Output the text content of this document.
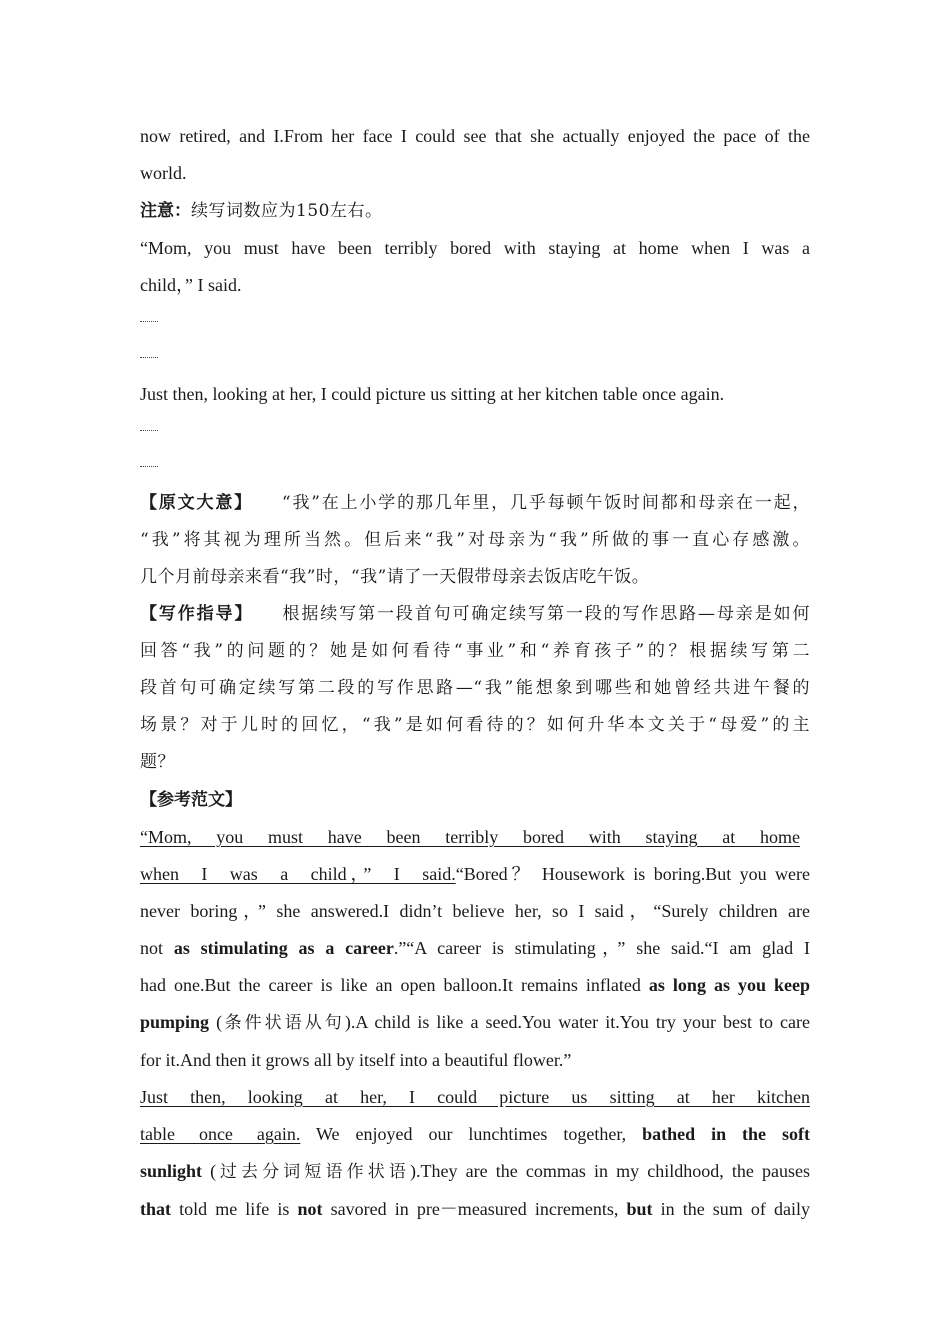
now retired, and I.From her face I could see that she actually enjoyed the pace of the

world.

注意：续写词数应为150左右。

“Mom, you must have been terribly bored with staying at home when I was a

child，” I said.

Just then, looking at her, I could picture us sitting at her kitchen table once again.

【原文大意】 “我”在上小学的那几年里，几乎每顿午饭时间都和母亲在一起，

“我”将其视为理所当然。但后来“我”对母亲为“我”所做的事一直心存感激。

几个月前母亲来看“我”时，“我”请了一天假带母亲去饭店吃午饭。

【写作指导】 根据续写第一段首句可确定续写第一段的写作思路—母亲是如何

回答“我”的问题的？她是如何看待“事业”和“养育孩子”的？根据续写第二

段首句可确定续写第二段的写作思路—“我”能想象到哪些和她曾经共进午餐的

场景？对于儿时的回忆，“我”是如何看待的？如何升华本文关于“母爱”的主

题？

【参考范文】

“Mom, you must have been terribly bored with staying at home

when I was a child，” I said.“Bored？ Housework is boring.But you were

never boring，” she answered.I didn’t believe her, so I said，“Surely children are

not as stimulating as a career.”“A career is stimulating，” she said.“I am glad I

had one.But the career is like an open balloon.It remains inflated as long as you keep

pumping (条件状语从句).A child is like a seed.You water it.You try your best to care

for it.And then it grows all by itself into a beautiful flower.”

Just then, looking at her, I could picture us sitting at her kitchen

table once again. We enjoyed our lunchtimes together, bathed in the soft

sunlight (过去分词短语作状语).They are the commas in my childhood, the pauses

that told me life is not savored in pre－measured increments, but in the sum of daily
